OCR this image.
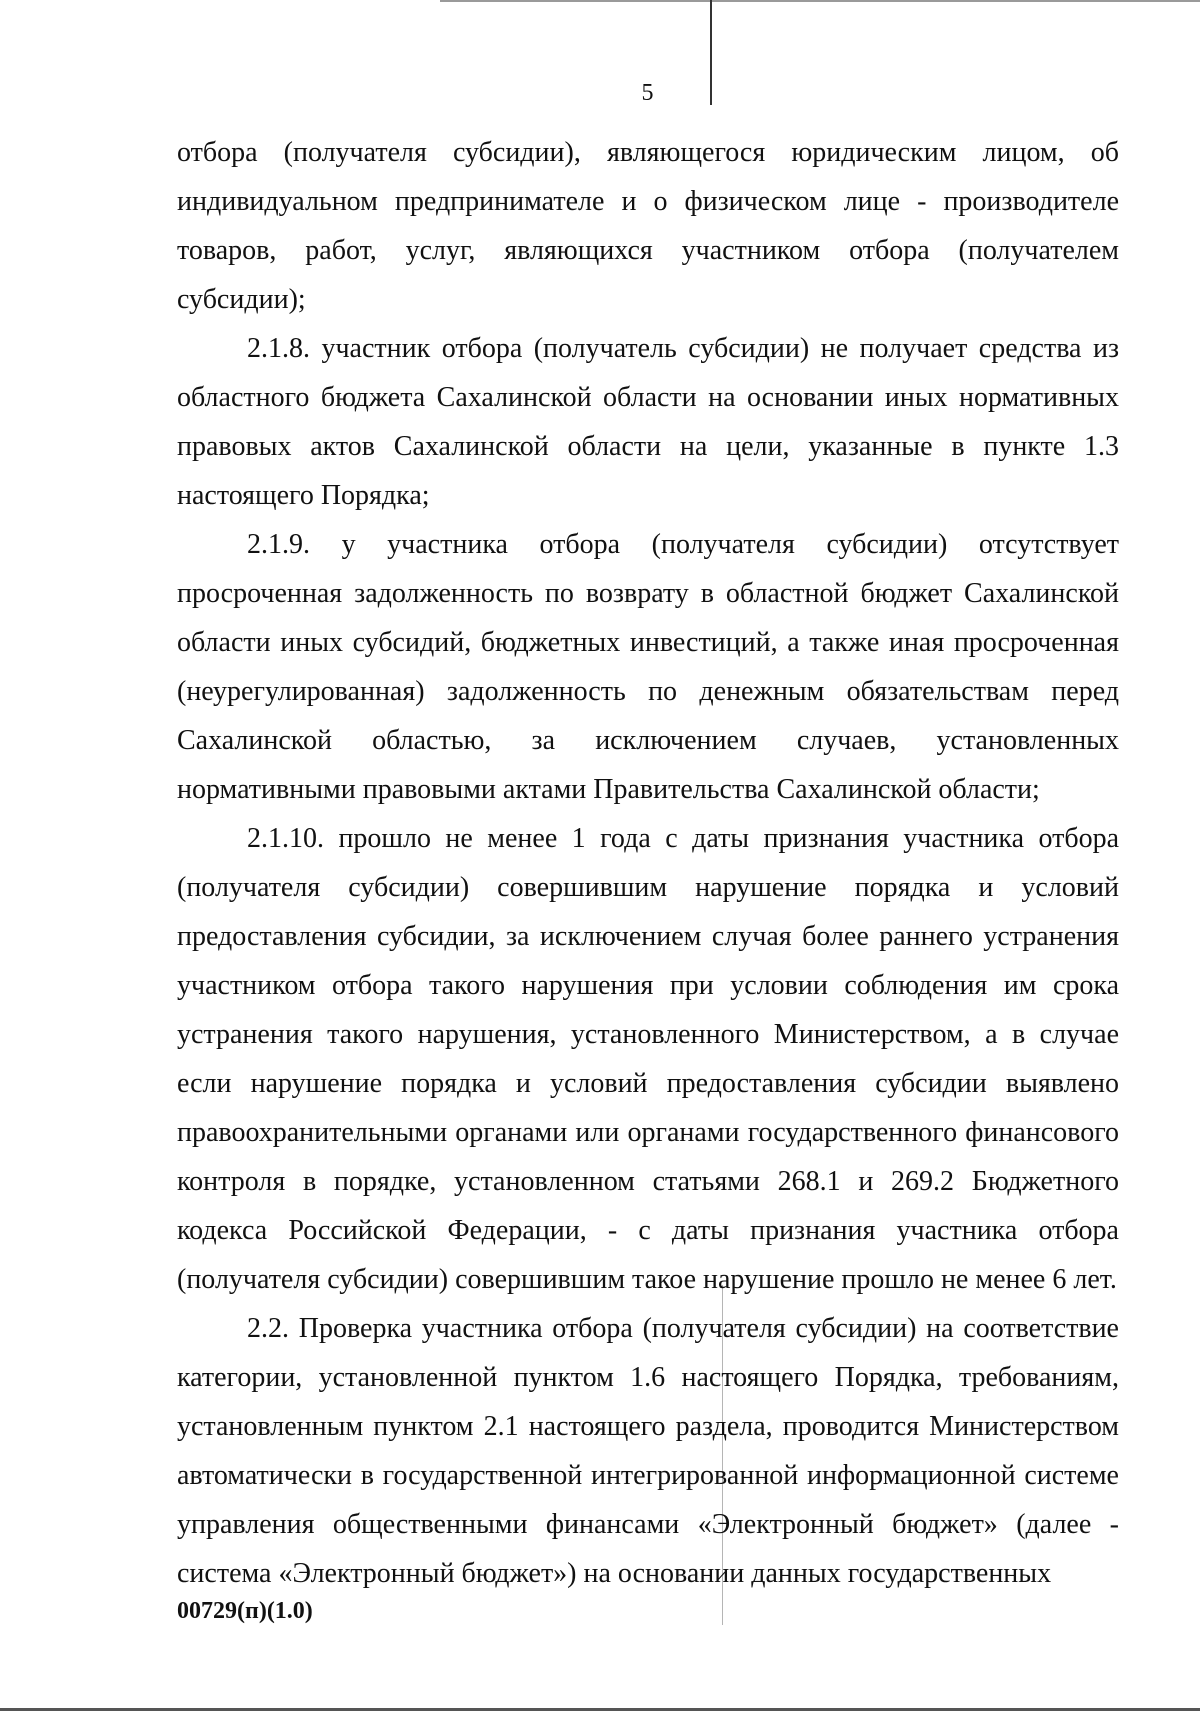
5

отбора (получателя субсидии), являющегося юридическим лицом, об индивидуальном предпринимателе и о физическом лице - производителе товаров, работ, услуг, являющихся участником отбора (получателем субсидии);

2.1.8. участник отбора (получатель субсидии) не получает средства из областного бюджета Сахалинской области на основании иных нормативных правовых актов Сахалинской области на цели, указанные в пункте 1.3 настоящего Порядка;

2.1.9. у участника отбора (получателя субсидии) отсутствует просроченная задолженность по возврату в областной бюджет Сахалинской области иных субсидий, бюджетных инвестиций, а также иная просроченная (неурегулированная) задолженность по денежным обязательствам перед Сахалинской областью, за исключением случаев, установленных нормативными правовыми актами Правительства Сахалинской области;

2.1.10. прошло не менее 1 года с даты признания участника отбора (получателя субсидии) совершившим нарушение порядка и условий предоставления субсидии, за исключением случая более раннего устранения участником отбора такого нарушения при условии соблюдения им срока устранения такого нарушения, установленного Министерством, а в случае если нарушение порядка и условий предоставления субсидии выявлено правоохранительными органами или органами государственного финансового контроля в порядке, установленном статьями 268.1 и 269.2 Бюджетного кодекса Российской Федерации, - с даты признания участника отбора (получателя субсидии) совершившим такое нарушение прошло не менее 6 лет.

2.2. Проверка участника отбора (получателя субсидии) на соответствие категории, установленной пунктом 1.6 настоящего Порядка, требованиям, установленным пунктом 2.1 настоящего раздела, проводится Министерством автоматически в государственной интегрированной информационной системе управления общественными финансами «Электронный бюджет» (далее - система «Электронный бюджет») на основании данных государственных

00729(п)(1.0)
